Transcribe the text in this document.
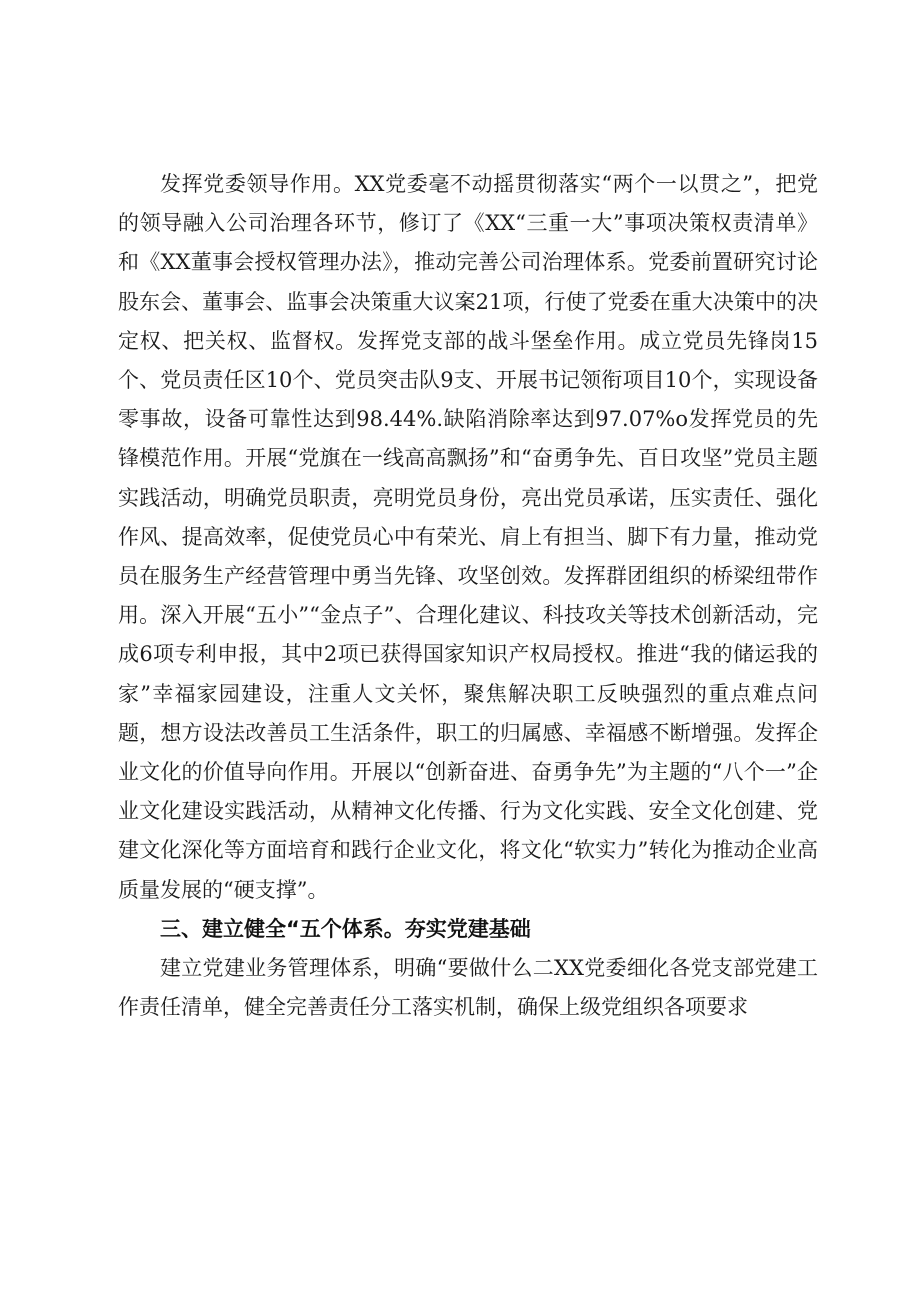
发挥党委领导作用。XX党委毫不动摇贯彻落实“两个一以贯之”，把党的领导融入公司治理各环节，修订了《XX“三重一大”事项决策权责清单》和《XX董事会授权管理办法》，推动完善公司治理体系。党委前置研究讨论股东会、董事会、监事会决策重大议案21项，行使了党委在重大决策中的决定权、把关权、监督权。发挥党支部的战斗堡垒作用。成立党员先锋岗15个、党员责任区10个、党员突击队9支、开展书记领衔项目10个，实现设备零事故，设备可靠性达到98.44%.缺陷消除率达到97.07%o发挥党员的先锋模范作用。开展“党旗在一线高高飘扬”和“奋勇争先、百日攻坚”党员主题实践活动，明确党员职责，亮明党员身份，亮出党员承诺，压实责任、强化作风、提高效率，促使党员心中有荣光、肩上有担当、脚下有力量，推动党员在服务生产经营管理中勇当先锋、攻坚创效。发挥群团组织的桥梁纽带作用。深入开展“五小”“金点子”、合理化建议、科技攻关等技术创新活动，完成6项专利申报，其中2项已获得国家知识产权局授权。推进“我的储运我的家”幸福家园建设，注重人文关怀，聚焦解决职工反映强烈的重点难点问题，想方设法改善员工生活条件，职工的归属感、幸福感不断增强。发挥企业文化的价值导向作用。开展以“创新奋进、奋勇争先”为主题的“八个一”企业文化建设实践活动，从精神文化传播、行为文化实践、安全文化创建、党建文化深化等方面培育和践行企业文化，将文化“软实力”转化为推动企业高质量发展的“硬支撑”。

三、建立健全“五个体系。夯实党建基础

建立党建业务管理体系，明确“要做什么二XX党委细化各党支部党建工作责任清单，健全完善责任分工落实机制，确保上级党组织各项要求
